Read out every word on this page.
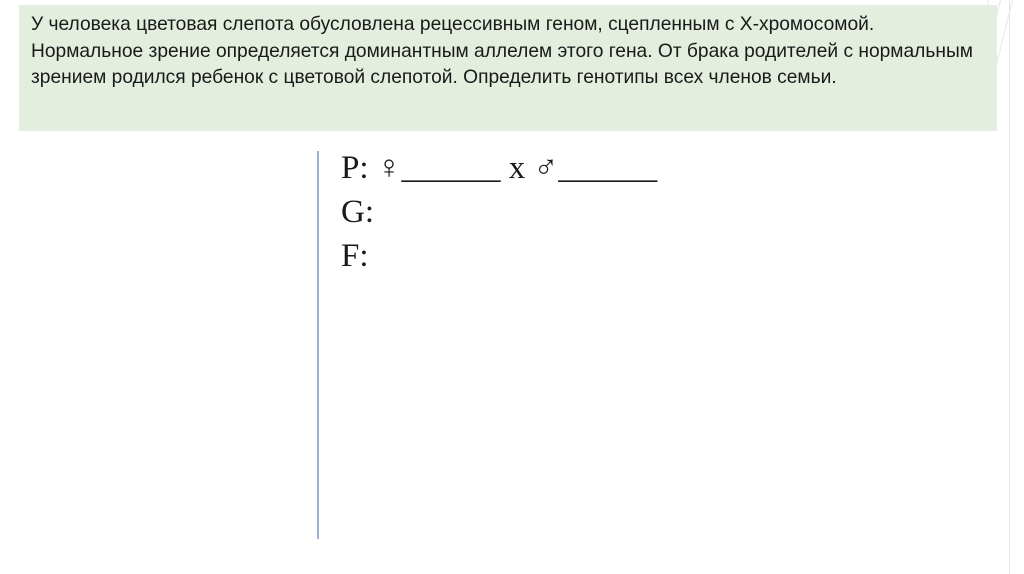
У человека цветовая слепота обусловлена рецессивным геном, сцепленным с X-хромосомой. Нормальное зрение определяется доминантным аллелем этого гена. От брака родителей с нормальным зрением родился ребенок с цветовой слепотой. Определить генотипы всех членов семьи.

P: ♀______ x ♂______

G:

F:
